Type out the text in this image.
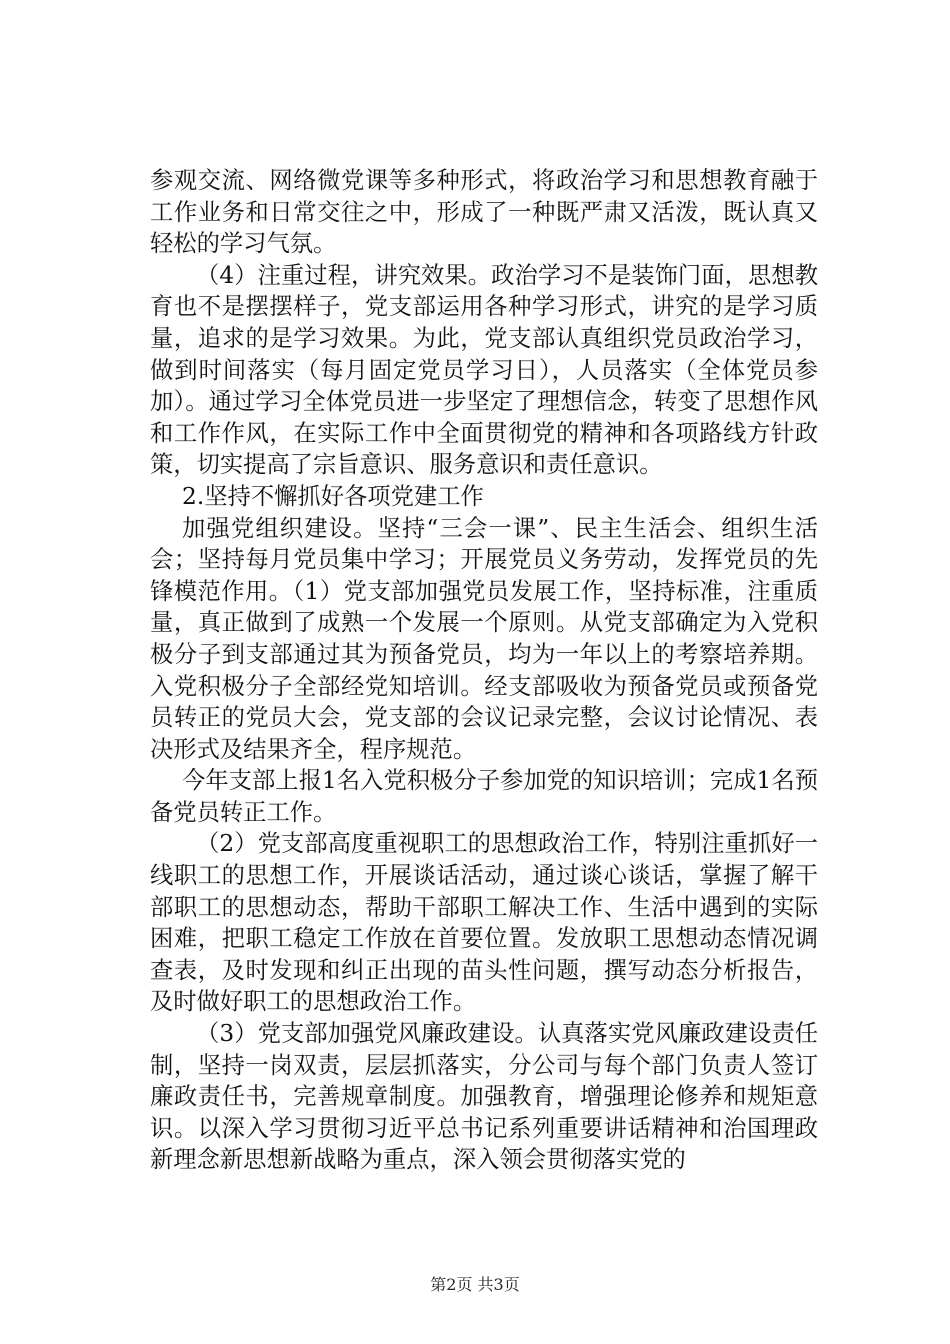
参观交流、网络微党课等多种形式，将政治学习和思想教育融于工作业务和日常交往之中，形成了一种既严肃又活泼，既认真又轻松的学习气氛。

（4）注重过程，讲究效果。政治学习不是装饰门面，思想教育也不是摆摆样子，党支部运用各种学习形式，讲究的是学习质量，追求的是学习效果。为此，党支部认真组织党员政治学习，做到时间落实（每月固定党员学习日），人员落实（全体党员参加）。通过学习全体党员进一步坚定了理想信念，转变了思想作风和工作作风，在实际工作中全面贯彻党的精神和各项路线方针政策，切实提高了宗旨意识、服务意识和责任意识。

2.坚持不懈抓好各项党建工作

加强党组织建设。坚持“三会一课”、民主生活会、组织生活会；坚持每月党员集中学习；开展党员义务劳动，发挥党员的先锋模范作用。（1）党支部加强党员发展工作，坚持标准，注重质量，真正做到了成熟一个发展一个原则。从党支部确定为入党积极分子到支部通过其为预备党员，均为一年以上的考察培养期。入党积极分子全部经党知培训。经支部吸收为预备党员或预备党员转正的党员大会，党支部的会议记录完整，会议讨论情况、表决形式及结果齐全，程序规范。

今年支部上报1名入党积极分子参加党的知识培训；完成1名预备党员转正工作。

（2）党支部高度重视职工的思想政治工作，特别注重抓好一线职工的思想工作，开展谈话活动，通过谈心谈话，掌握了解干部职工的思想动态，帮助干部职工解决工作、生活中遇到的实际困难，把职工稳定工作放在首要位置。发放职工思想动态情况调查表，及时发现和纠正出现的苗头性问题，撰写动态分析报告，及时做好职工的思想政治工作。

（3）党支部加强党风廉政建设。认真落实党风廉政建设责任制，坚持一岗双责，层层抓落实，分公司与每个部门负责人签订廉政责任书，完善规章制度。加强教育，增强理论修养和规矩意识。以深入学习贯彻习近平总书记系列重要讲话精神和治国理政新理念新思想新战略为重点，深入领会贯彻落实党的

第2页 共3页
